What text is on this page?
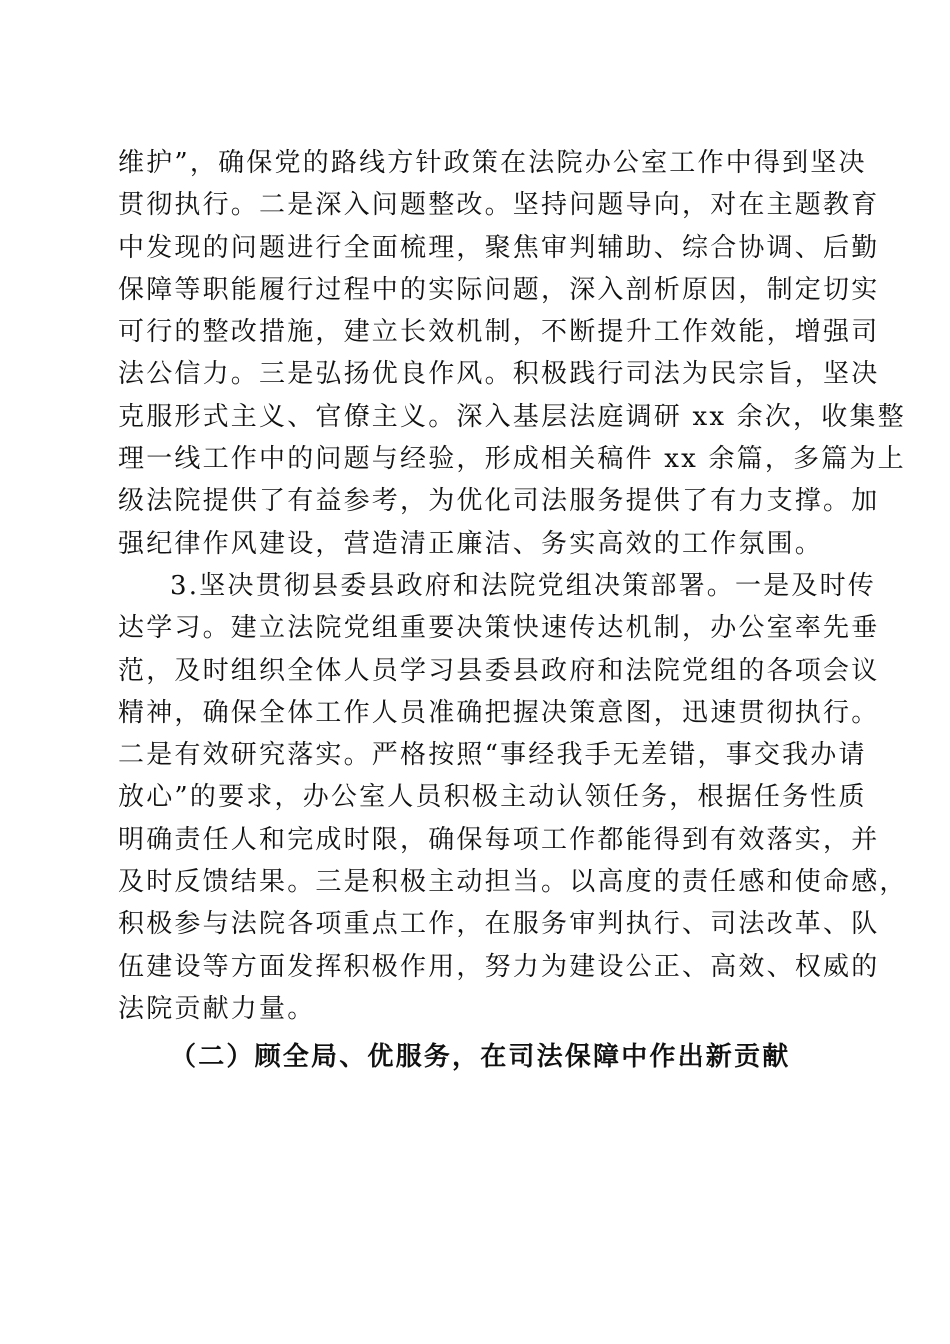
维护”，确保党的路线方针政策在法院办公室工作中得到坚决
贯彻执行。二是深入问题整改。坚持问题导向，对在主题教育
中发现的问题进行全面梳理，聚焦审判辅助、综合协调、后勤
保障等职能履行过程中的实际问题，深入剖析原因，制定切实
可行的整改措施，建立长效机制，不断提升工作效能，增强司
法公信力。三是弘扬优良作风。积极践行司法为民宗旨，坚决
克服形式主义、官僚主义。深入基层法庭调研 xx 余次，收集整
理一线工作中的问题与经验，形成相关稿件 xx 余篇，多篇为上
级法院提供了有益参考，为优化司法服务提供了有力支撑。加
强纪律作风建设，营造清正廉洁、务实高效的工作氛围。
3.坚决贯彻县委县政府和法院党组决策部署。一是及时传
达学习。建立法院党组重要决策快速传达机制，办公室率先垂
范，及时组织全体人员学习县委县政府和法院党组的各项会议
精神，确保全体工作人员准确把握决策意图，迅速贯彻执行。
二是有效研究落实。严格按照“事经我手无差错，事交我办请
放心”的要求，办公室人员积极主动认领任务，根据任务性质
明确责任人和完成时限，确保每项工作都能得到有效落实，并
及时反馈结果。三是积极主动担当。以高度的责任感和使命感，
积极参与法院各项重点工作，在服务审判执行、司法改革、队
伍建设等方面发挥积极作用，努力为建设公正、高效、权威的
法院贡献力量。
（二）顾全局、优服务，在司法保障中作出新贡献
